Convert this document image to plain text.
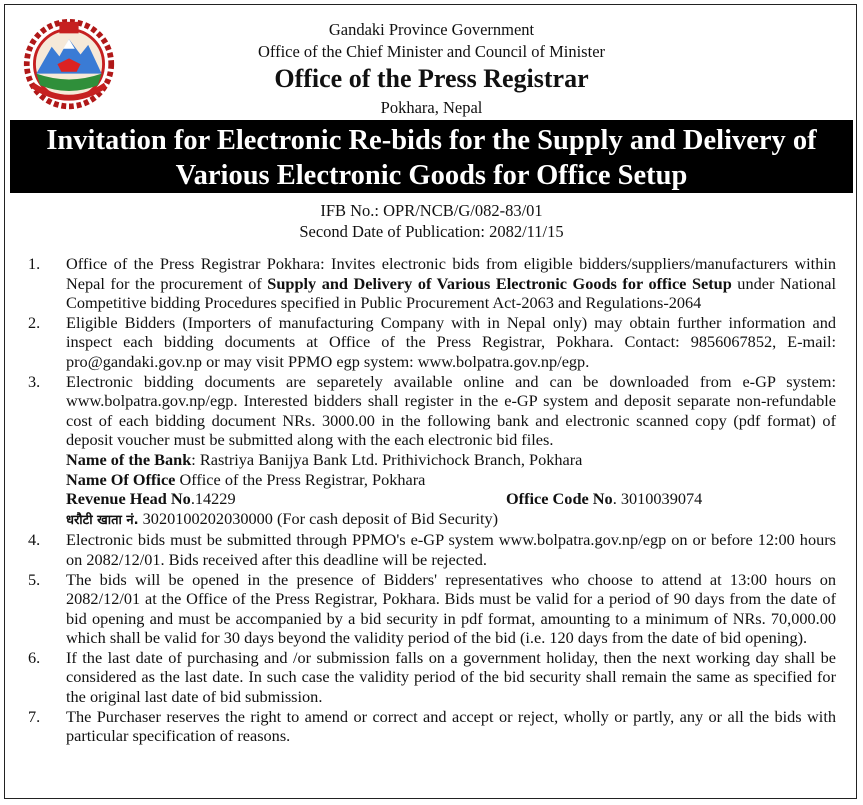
Gandaki Province Government
Office of the Chief Minister and Council of Minister
Office of the Press Registrar
Pokhara, Nepal
Invitation for Electronic Re-bids for the Supply and Delivery of Various Electronic Goods for Office Setup
IFB No.: OPR/NCB/G/082-83/01
Second Date of Publication: 2082/11/15
1. Office of the Press Registrar Pokhara: Invites electronic bids from eligible bidders/suppliers/manufacturers within Nepal for the procurement of Supply and Delivery of Various Electronic Goods for office Setup under National Competitive bidding Procedures specified in Public Procurement Act-2063 and Regulations-2064
2. Eligible Bidders (Importers of manufacturing Company with in Nepal only) may obtain further information and inspect each bidding documents at Office of the Press Registrar, Pokhara. Contact: 9856067852, E-mail: pro@gandaki.gov.np or may visit PPMO egp system: www.bolpatra.gov.np/egp.
3. Electronic bidding documents are separetely available online and can be downloaded from e-GP system: www.bolpatra.gov.np/egp. Interested bidders shall register in the e-GP system and deposit separate non-refundable cost of each bidding document NRs. 3000.00 in the following bank and electronic scanned copy (pdf format) of deposit voucher must be submitted along with the each electronic bid files.
Name of the Bank: Rastriya Banijya Bank Ltd. Prithivichock Branch, Pokhara
Name Of Office Office of the Press Registrar, Pokhara
Revenue Head No.14229	Office Code No. 3010039074
धरौटी खाता नं. 3020100202030000 (For cash deposit of Bid Security)
4. Electronic bids must be submitted through PPMO's e-GP system www.bolpatra.gov.np/egp on or before 12:00 hours on 2082/12/01. Bids received after this deadline will be rejected.
5. The bids will be opened in the presence of Bidders' representatives who choose to attend at 13:00 hours on 2082/12/01 at the Office of the Press Registrar, Pokhara. Bids must be valid for a period of 90 days from the date of bid opening and must be accompanied by a bid security in pdf format, amounting to a minimum of NRs. 70,000.00 which shall be valid for 30 days beyond the validity period of the bid (i.e. 120 days from the date of bid opening).
6. If the last date of purchasing and /or submission falls on a government holiday, then the next working day shall be considered as the last date. In such case the validity period of the bid security shall remain the same as specified for the original last date of bid submission.
7. The Purchaser reserves the right to amend or correct and accept or reject, wholly or partly, any or all the bids with particular specification of reasons.
